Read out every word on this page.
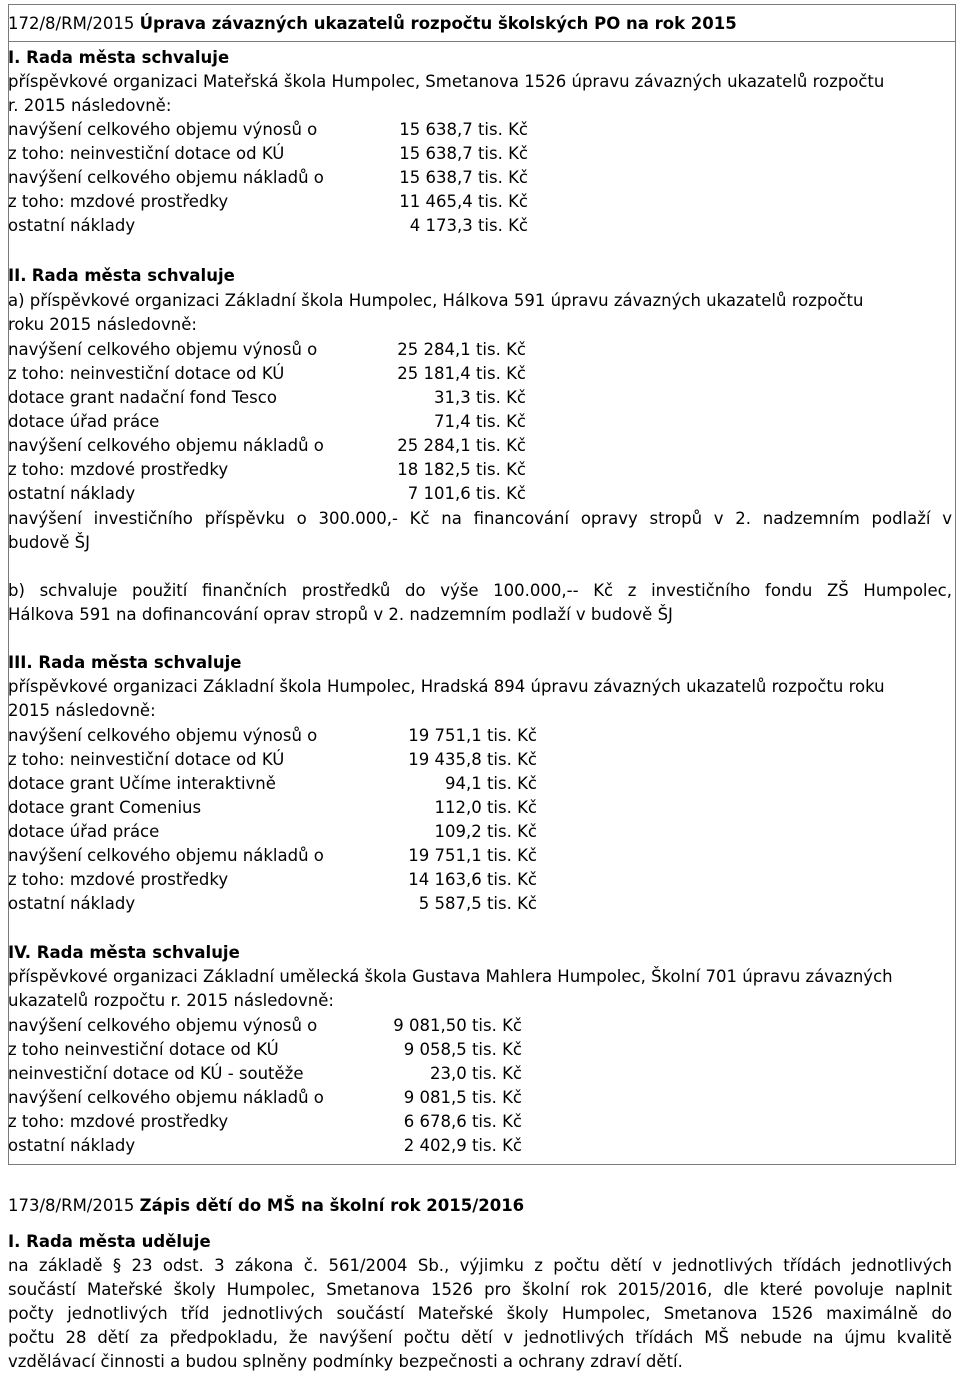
172/8/RM/2015 Úprava závazných ukazatelů rozpočtu školských PO na rok 2015
I. Rada města schvaluje
příspěvkové organizaci Mateřská škola Humpolec, Smetanova 1526 úpravu závazných ukazatelů rozpočtu
r. 2015 následovně:
navýšení celkového objemu výnosů o	15 638,7 tis. Kč
z toho: neinvestiční dotace od KÚ	15 638,7 tis. Kč
navýšení celkového objemu nákladů o	15 638,7 tis. Kč
z toho: mzdové prostředky	11 465,4 tis. Kč
ostatní náklady	4 173,3 tis. Kč
II. Rada města schvaluje
a) příspěvkové organizaci Základní škola Humpolec, Hálkova 591 úpravu závazných ukazatelů rozpočtu
roku 2015 následovně:
navýšení celkového objemu výnosů o	25 284,1 tis. Kč
z toho: neinvestiční dotace od KÚ	25 181,4 tis. Kč
dotace grant nadační fond Tesco	31,3 tis. Kč
dotace úřad práce	71,4 tis. Kč
navýšení celkového objemu nákladů o	25 284,1 tis. Kč
z toho: mzdové prostředky	18 182,5 tis. Kč
ostatní náklady	7 101,6 tis. Kč
navýšení investičního příspěvku o 300.000,- Kč na financování opravy stropů v 2. nadzemním podlaží v
budově ŠJ
b) schvaluje použití finančních prostředků do výše 100.000,-- Kč z investičního fondu ZŠ Humpolec,
Hálkova 591 na dofinancování oprav stropů v 2. nadzemním podlaží v budově ŠJ
III. Rada města schvaluje
příspěvkové organizaci Základní škola Humpolec, Hradská 894 úpravu závazných ukazatelů rozpočtu roku
2015 následovně:
navýšení celkového objemu výnosů o	19 751,1 tis. Kč
z toho: neinvestiční dotace od KÚ	19 435,8 tis. Kč
dotace grant Učíme interaktivně	94,1 tis. Kč
dotace grant Comenius	112,0 tis. Kč
dotace úřad práce	109,2 tis. Kč
navýšení celkového objemu nákladů o	19 751,1 tis. Kč
z toho: mzdové prostředky	14 163,6 tis. Kč
ostatní náklady	5 587,5 tis. Kč
IV. Rada města schvaluje
příspěvkové organizaci Základní umělecká škola Gustava Mahlera Humpolec, Školní 701 úpravu závazných
ukazatelů rozpočtu r. 2015 následovně:
navýšení celkového objemu výnosů o	9 081,50 tis. Kč
z toho neinvestiční dotace od KÚ	9 058,5 tis. Kč
neinvestiční dotace od KÚ - soutěže	23,0 tis. Kč
navýšení celkového objemu nákladů o	9 081,5 tis. Kč
z toho: mzdové prostředky	6 678,6 tis. Kč
ostatní náklady	2 402,9 tis. Kč
173/8/RM/2015 Zápis dětí do MŠ na školní rok 2015/2016
I. Rada města uděluje
na základě § 23 odst. 3 zákona č. 561/2004 Sb., výjimku z počtu dětí v jednotlivých třídách jednotlivých
součástí Mateřské školy Humpolec, Smetanova 1526 pro školní rok 2015/2016, dle které povoluje naplnit
počty jednotlivých tříd jednotlivých součástí Mateřské školy Humpolec, Smetanova 1526 maximálně do
počtu 28 dětí za předpokladu, že navýšení počtu dětí v jednotlivých třídách MŠ nebude na újmu kvalitě
vzdělávací činnosti a budou splněny podmínky bezpečnosti a ochrany zdraví dětí.
